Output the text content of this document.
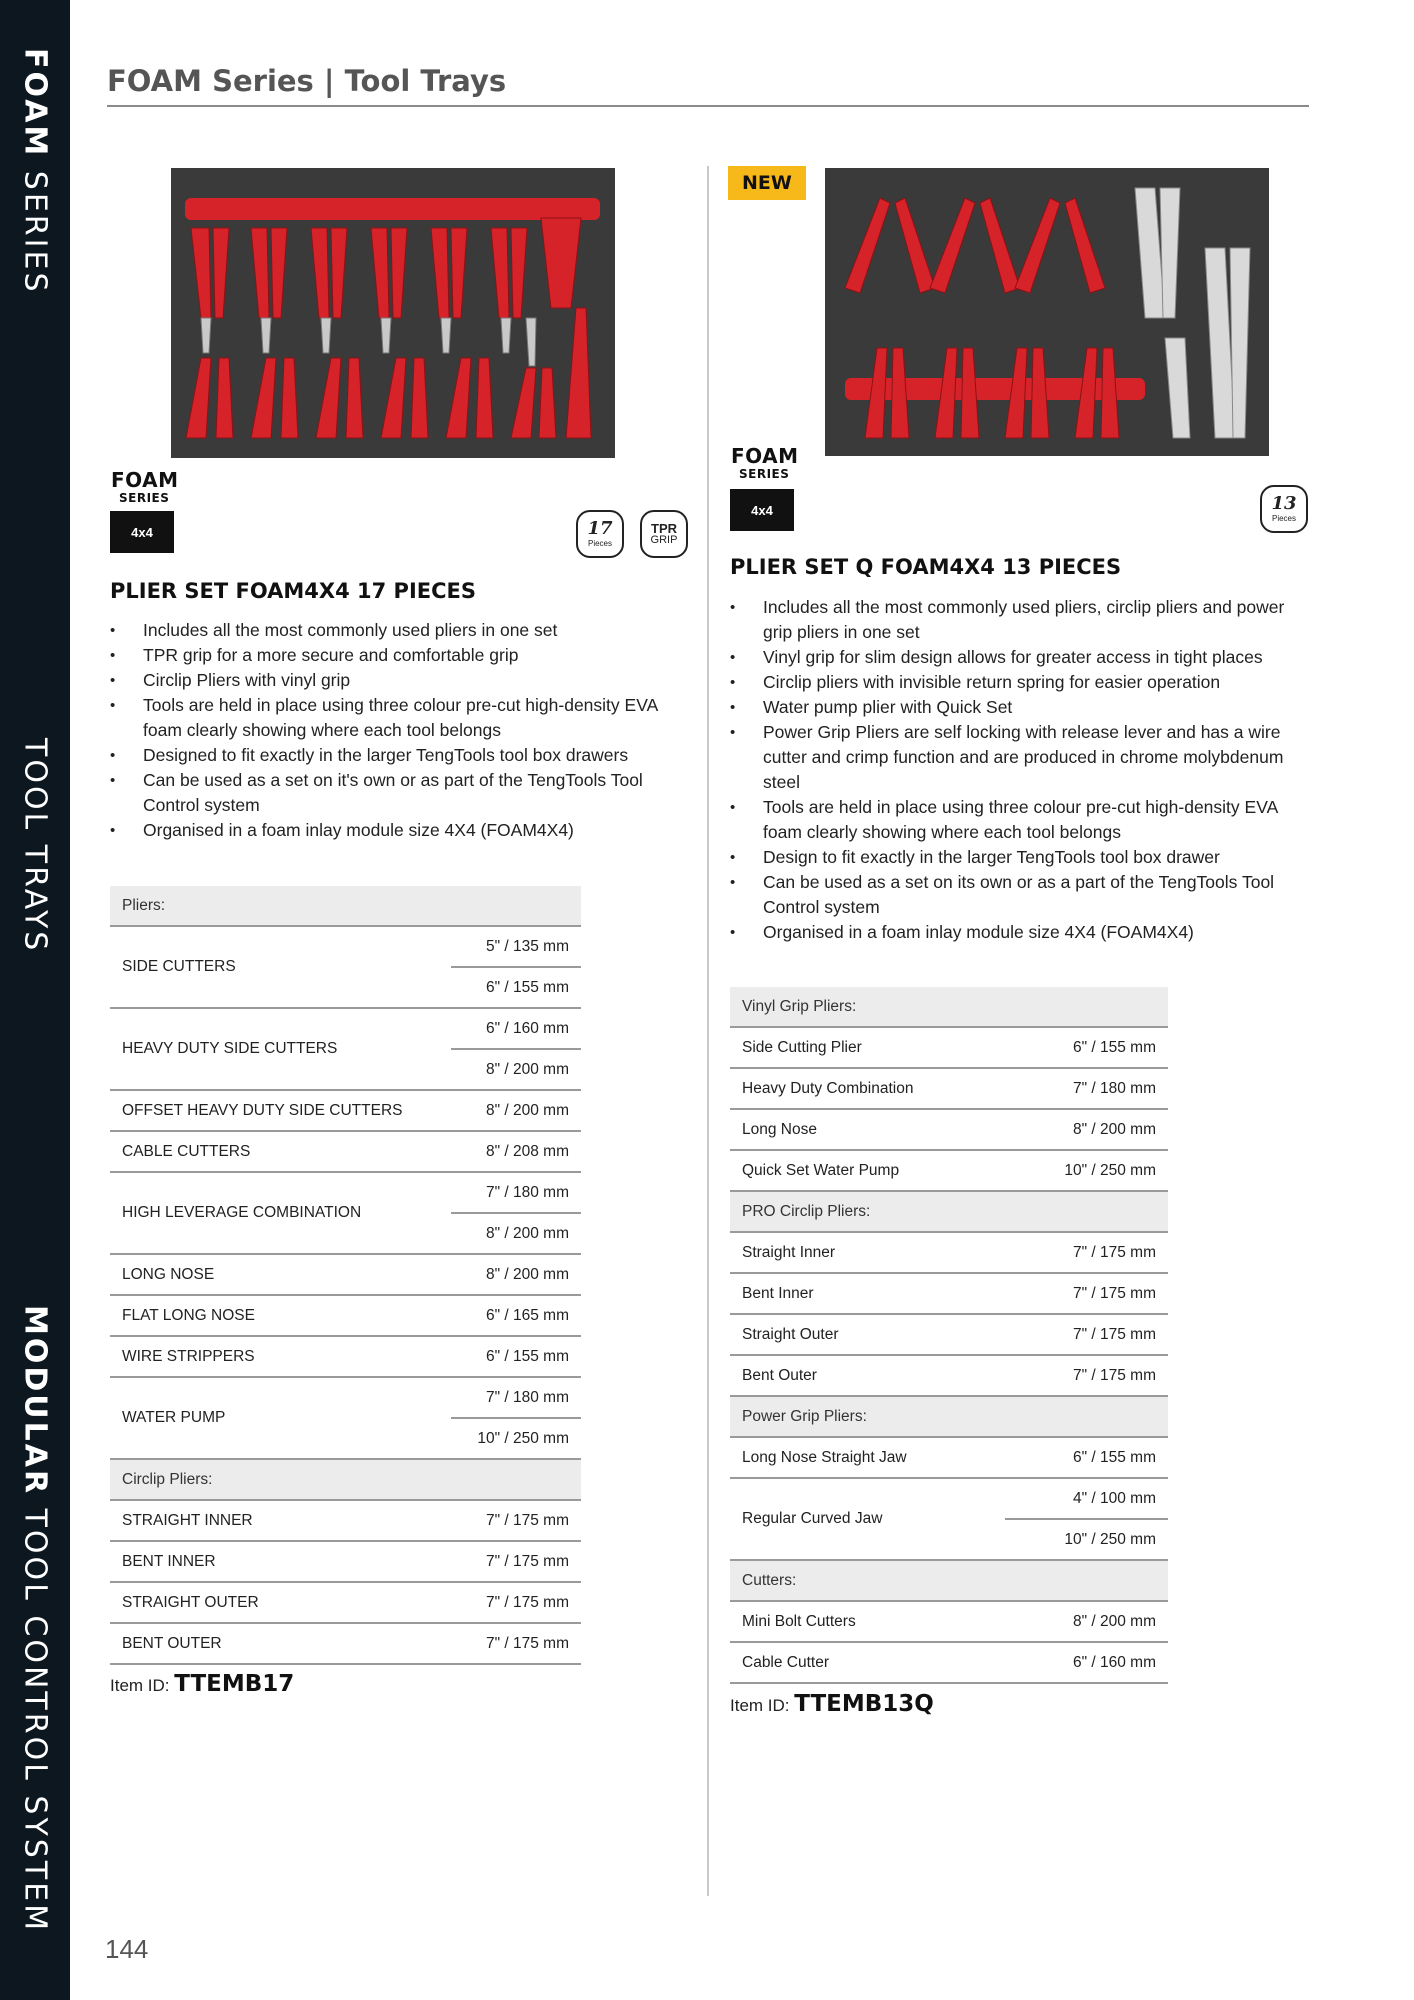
FOAM SERIES
TOOL TRAYS
MODULAR TOOL CONTROL SYSTEM
FOAM Series | Tool Trays
FOAM
SERIES
4x4	17
Pieces
TPR
GRIP
PLIER SET FOAM4X4 17 PIECES
• Includes all the most commonly used pliers in one set
• TPR grip for a more secure and comfortable grip
• Circlip Pliers with vinyl grip
• Tools are held in place using three colour pre-cut high-density EVA foam clearly showing where each tool belongs
• Designed to fit exactly in the larger TengTools tool box drawers
• Can be used as a set on it's own or as part of the TengTools Tool Control system
• Organised in a foam inlay module size 4X4 (FOAM4X4)
Pliers:	
SIDE CUTTERS	5" / 135 mm
	6" / 155 mm
HEAVY DUTY SIDE CUTTERS	6" / 160 mm
	8" / 200 mm
OFFSET HEAVY DUTY SIDE CUTTERS	8" / 200 mm
CABLE CUTTERS	8" / 208 mm
HIGH LEVERAGE COMBINATION	7" / 180 mm
	8" / 200 mm
LONG NOSE	8" / 200 mm
FLAT LONG NOSE	6" / 165 mm
WIRE STRIPPERS	6" / 155 mm
WATER PUMP	7" / 180 mm
	10" / 250 mm
Circlip Pliers:	
STRAIGHT INNER	7" / 175 mm
BENT INNER	7" / 175 mm
STRAIGHT OUTER	7" / 175 mm
BENT OUTER	7" / 175 mm
Item ID: TTEMB17
NEW
FOAM
SERIES
4x4	13
Pieces
PLIER SET Q FOAM4X4 13 PIECES
• Includes all the most commonly used pliers, circlip pliers and power grip pliers in one set
• Vinyl grip for slim design allows for greater access in tight places
• Circlip pliers with invisible return spring for easier operation
• Water pump plier with Quick Set
• Power Grip Pliers are self locking with release lever and has a wire cutter and crimp function and are produced in chrome molybdenum steel
• Tools are held in place using three colour pre-cut high-density EVA foam clearly showing where each tool belongs
• Design to fit exactly in the larger TengTools tool box drawer
• Can be used as a set on its own or as a part of the TengTools Tool Control system
• Organised in a foam inlay module size 4X4 (FOAM4X4)
Vinyl Grip Pliers:	
Side Cutting Plier	6" / 155 mm
Heavy Duty Combination	7" / 180 mm
Long Nose	8" / 200 mm
Quick Set Water Pump	10" / 250 mm
PRO Circlip Pliers:	
Straight Inner	7" / 175 mm
Bent Inner	7" / 175 mm
Straight Outer	7" / 175 mm
Bent Outer	7" / 175 mm
Power Grip Pliers:	
Long Nose Straight Jaw	6" / 155 mm
Regular Curved Jaw	4" / 100 mm
	10" / 250 mm
Cutters:	
Mini Bolt Cutters	8" / 200 mm
Cable Cutter	6" / 160 mm
Item ID: TTEMB13Q
144
